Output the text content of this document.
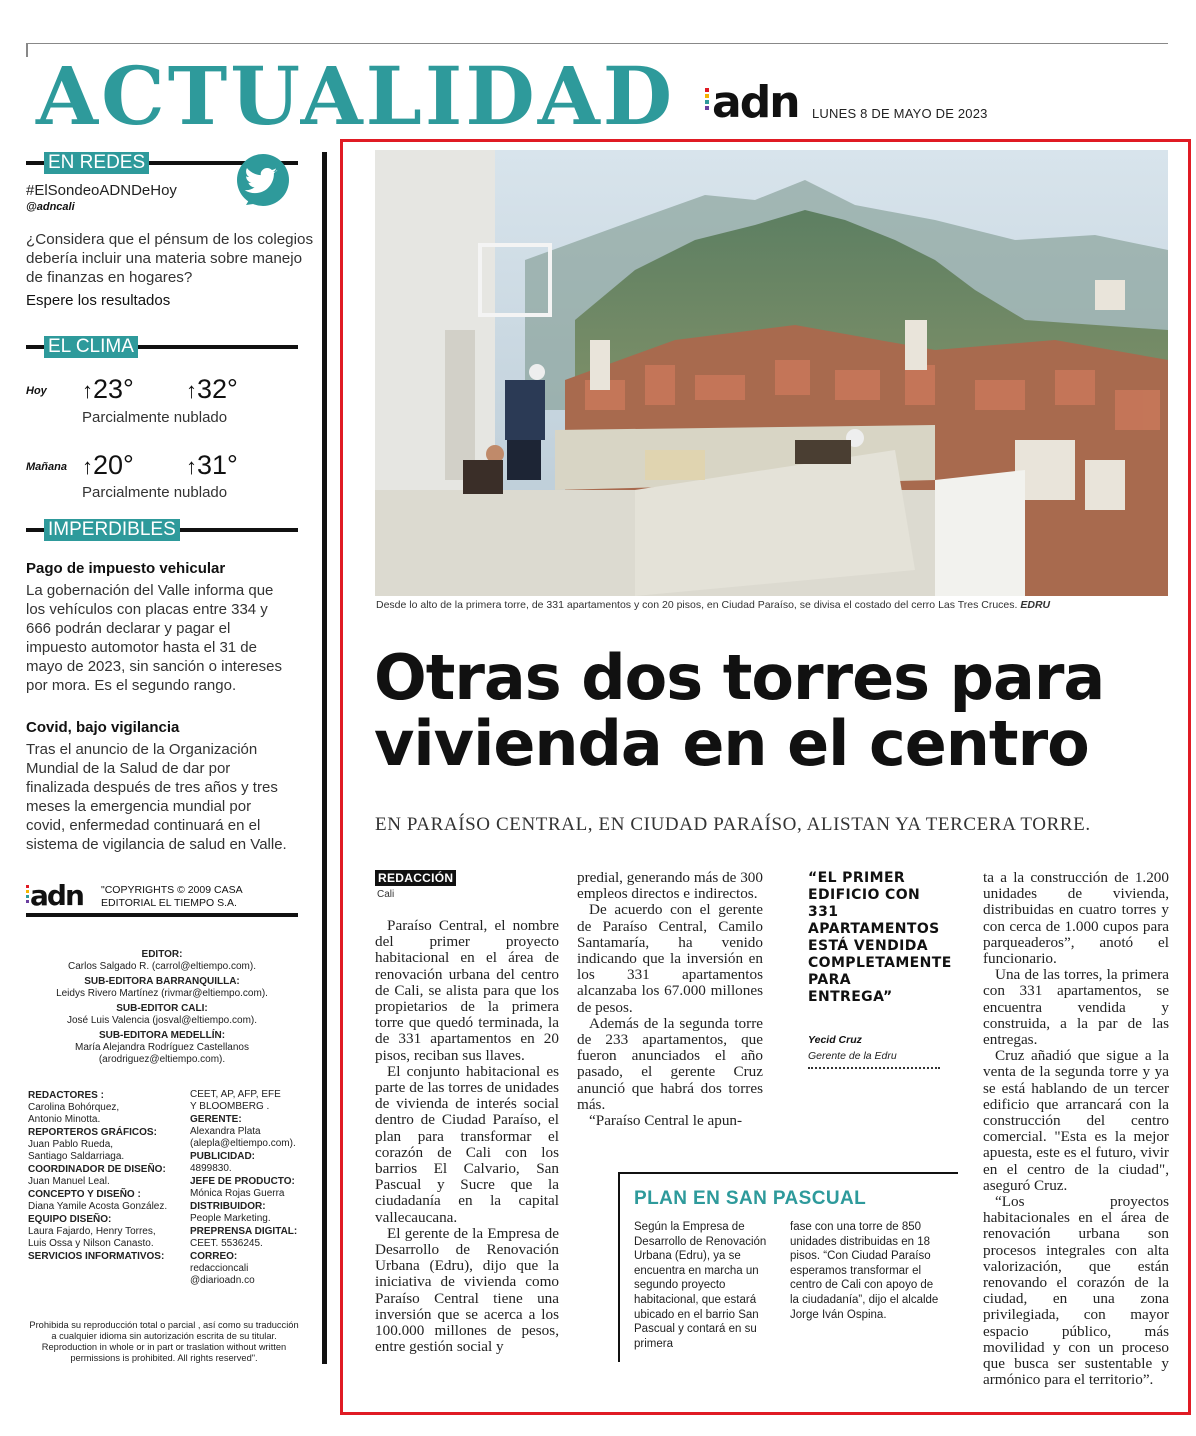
ACTUALIDAD adn LUNES 8 DE MAYO DE 2023
EN REDES
#ElSondeoADNDeHoy
@adncali
¿Considera que el pénsum de los colegios debería incluir una materia sobre manejo de finanzas en hogares?
Espere los resultados
EL CLIMA
Hoy ↑23° ↑32°
Parcialmente nublado
Mañana ↑20° ↑31°
Parcialmente nublado
IMPERDIBLES
Pago de impuesto vehicular
La gobernación del Valle informa que los vehículos con placas entre 334 y 666 podrán declarar y pagar el impuesto automotor hasta el 31 de mayo de 2023, sin sanción o intereses por mora. Es el segundo rango.
Covid, bajo vigilancia
Tras el anuncio de la Organización Mundial de la Salud de dar por finalizada después de tres años y tres meses la emergencia mundial por covid, enfermedad continuará en el sistema de vigilancia de salud en Valle.
adn "COPYRIGHTS © 2009 CASA
EDITORIAL EL TIEMPO S.A.
EDITOR:
Carlos Salgado R. (carrol@eltiempo.com).
SUB-EDITORA BARRANQUILLA:
Leidys Rivero Martínez (rivmar@eltiempo.com).
SUB-EDITOR CALI:
José Luis Valencia (josval@eltiempo.com).
SUB-EDITORA MEDELLÍN:
María Alejandra Rodríguez Castellanos
(arodriguez@eltiempo.com).
REDACTORES :
Carolina Bohórquez,
Antonio Minotta.
REPORTEROS GRÁFICOS:
Juan Pablo Rueda,
Santiago Saldarriaga.
COORDINADOR DE DISEÑO:
Juan Manuel Leal.
CONCEPTO Y DISEÑO :
Diana Yamile Acosta González.
EQUIPO DISEÑO:
Laura Fajardo, Henry Torres,
Luis Ossa y Nilson Canasto.
SERVICIOS INFORMATIVOS:
CEET, AP, AFP, EFE
Y BLOOMBERG .
GERENTE:
Alexandra Plata
(alepla@eltiempo.com).
PUBLICIDAD:
4899830.
JEFE DE PRODUCTO:
Mónica Rojas Guerra
DISTRIBUIDOR:
People Marketing.
PREPRENSA DIGITAL:
CEET. 5536245.
CORREO:
redaccioncali
@diarioadn.co
Prohibida su reproducción total o parcial , así como su traducción
a cualquier idioma sin autorización escrita de su titular.
Reproduction in whole or in part or traslation without written
permissions is prohibited. All rights reserved".
Desde lo alto de la primera torre, de 331 apartamentos y con 20 pisos, en Ciudad Paraíso, se divisa el costado del cerro Las Tres Cruces. EDRU
Otras dos torres para
vivienda en el centro
EN PARAÍSO CENTRAL, EN CIUDAD PARAÍSO, ALISTAN YA TERCERA TORRE.
REDACCIÓN
Cali

Paraíso Central, el nombre del primer proyecto habitacional en el área de renovación urbana del centro de Cali, se alista para que los propietarios de la primera torre que quedó terminada, la de 331 apartamentos en 20 pisos, reciban sus llaves.

El conjunto habitacional es parte de las torres de unidades de vivienda de interés social dentro de Ciudad Paraíso, el plan para transformar el corazón de Cali con los barrios El Calvario, San Pascual y Sucre que la ciudadanía en la capital vallecaucana.

El gerente de la Empresa de Desarrollo de Renovación Urbana (Edru), dijo que la iniciativa de vivienda como Paraíso Central tiene una inversión que se acerca a los 100.000 millones de pesos, entre gestión social y

predial, generando más de 300 empleos directos e indirectos.

De acuerdo con el gerente de Paraíso Central, Camilo Santamaría, ha venido indicando que la inversión en los 331 apartamentos alcanzaba los 67.000 millones de pesos.

Además de la segunda torre de 233 apartamentos, que fueron anunciados el año pasado, el gerente Cruz anunció que habrá dos torres más.

“Paraíso Central le apun-

“EL PRIMER EDIFICIO CON 331 APARTAMENTOS ESTÁ VENDIDA COMPLETAMENTE PARA ENTREGA”
Yecid Cruz
Gerente de la Edru

ta a la construcción de 1.200 unidades de vivienda, distribuidas en cuatro torres y con cerca de 1.000 cupos para parqueaderos”, anotó el funcionario.

Una de las torres, la primera con 331 apartamentos, se encuentra vendida y construida, a la par de las entregas.

Cruz añadió que sigue a la venta de la segunda torre y ya se está hablando de un tercer edificio que arrancará con la construcción del centro comercial. "Esta es la mejor apuesta, este es el futuro, vivir en el centro de la ciudad", aseguró Cruz.

“Los proyectos habitacionales en el área de renovación urbana son procesos integrales con alta valorización, que están renovando el corazón de la ciudad, en una zona privilegiada, con mayor espacio público, más movilidad y con un proceso que busca ser sustentable y armónico para el territorio”.

PLAN EN SAN PASCUAL
Según la Empresa de Desarrollo de Renovación Urbana (Edru), ya se encuentra en marcha un segundo proyecto habitacional, que estará ubicado en el barrio San Pascual y contará en su primera
fase con una torre de 850 unidades distribuidas en 18 pisos. “Con Ciudad Paraíso esperamos transformar el centro de Cali con apoyo de la ciudadanía”, dijo el alcalde Jorge Iván Ospina.
